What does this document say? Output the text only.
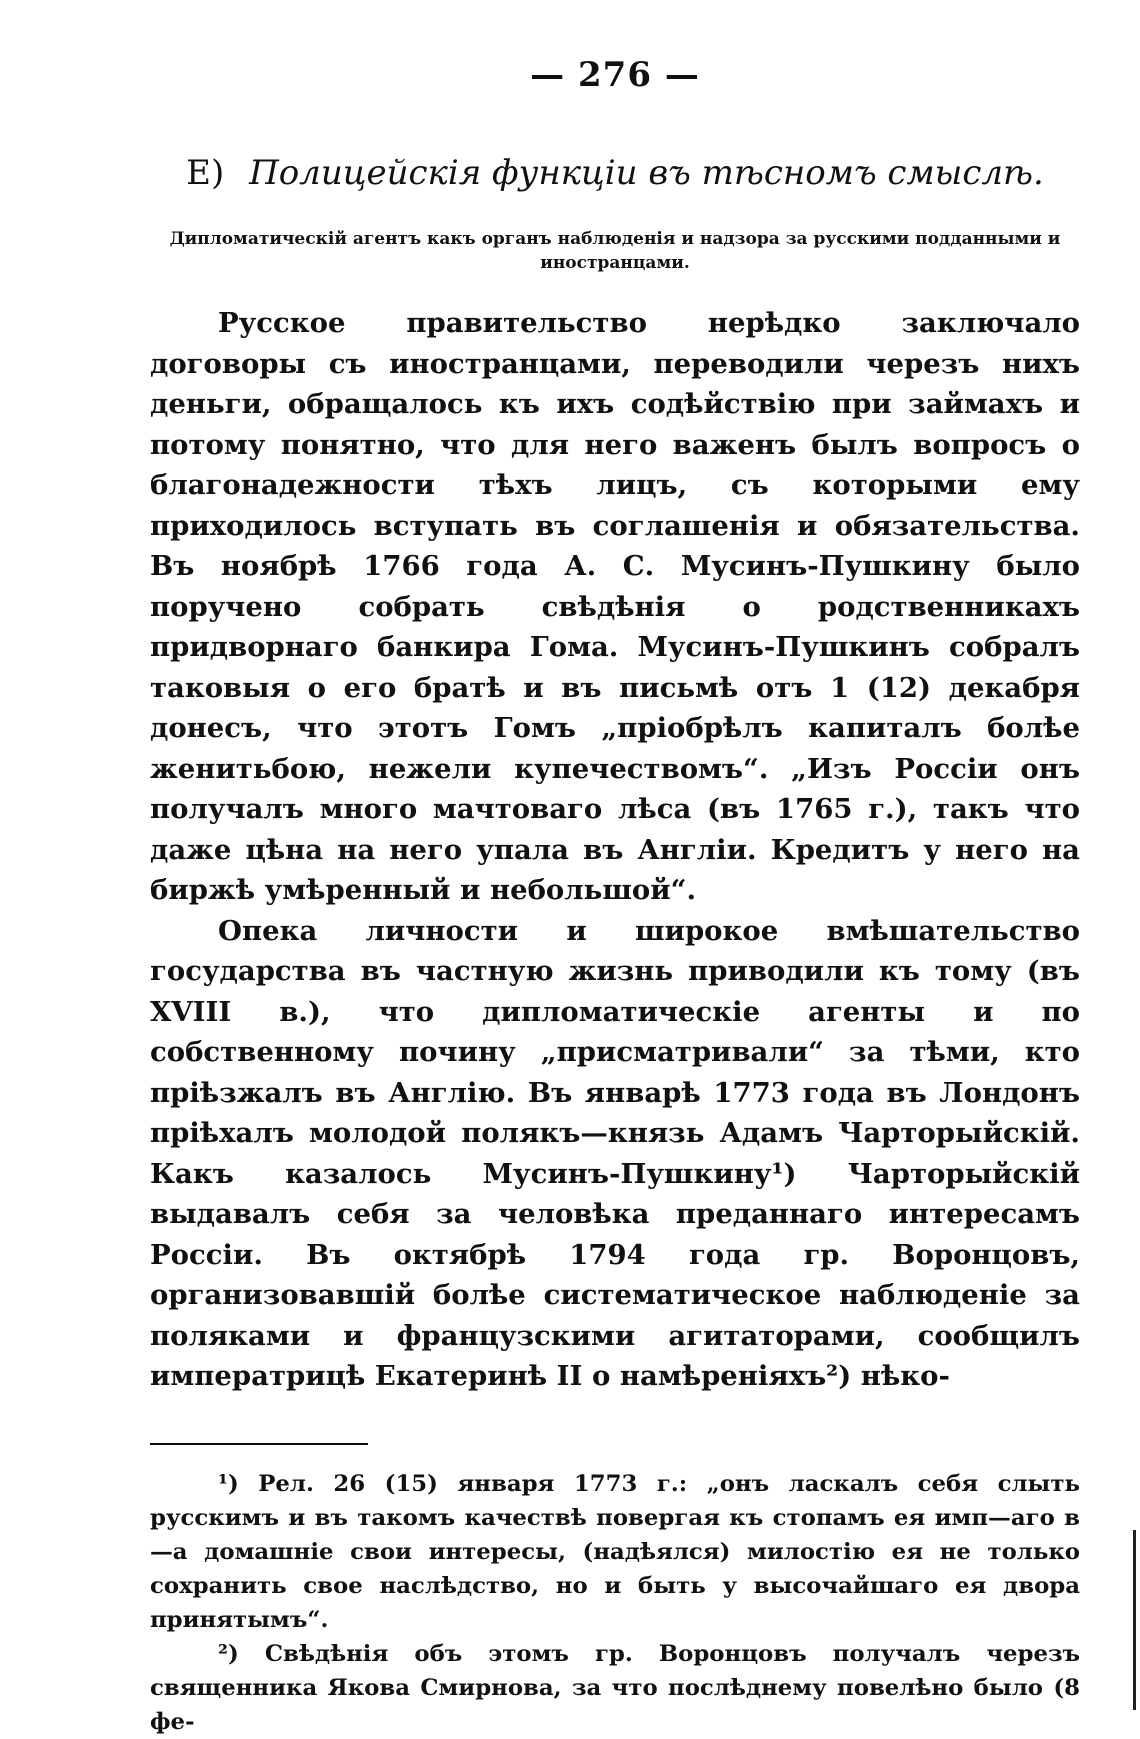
— 276 —
E) Полицейскія функціи въ тѣсномъ смыслѣ.
Дипломатическій агентъ какъ органъ наблюденія и надзора за русскими подданными и иностранцами.

Русское правительство нерѣдко заключало договоры съ иностранцами, переводили черезъ нихъ деньги, обращалось къ ихъ содѣйствію при займахъ и потому понятно, что для него важенъ былъ вопросъ о благонадежности тѣхъ лицъ, съ которыми ему приходилось вступать въ соглашенія и обязательства. Въ ноябрѣ 1766 года А. С. Мусинъ-Пушкину было поручено собрать свѣдѣнія о родственникахъ придворнаго банкира Гома. Мусинъ-Пушкинъ собралъ таковыя о его братѣ и въ письмѣ отъ 1 (12) декабря донесъ, что этотъ Гомъ „пріобрѣлъ капиталъ болѣе женитьбою, нежели купечествомъ“. „Изъ Россіи онъ получалъ много мачтоваго лѣса (въ 1765 г.), такъ что даже цѣна на него упала въ Англіи. Кредитъ у него на биржѣ умѣренный и небольшой“.

Опека личности и широкое вмѣшательство государства въ частную жизнь приводили къ тому (въ XVIII в.), что дипломатическіе агенты и по собственному почину „присматривали“ за тѣми, кто пріѣзжалъ въ Англію. Въ январѣ 1773 года въ Лондонъ пріѣхалъ молодой полякъ—князь Адамъ Чарторыйскій. Какъ казалось Мусинъ-Пушкину¹) Чарторыйскій выдавалъ себя за человѣка преданнаго интересамъ Россіи. Въ октябрѣ 1794 года гр. Воронцовъ, организовавшій болѣе систематическое наблюденіе за поляками и французскими агитаторами, сообщилъ императрицѣ Екатеринѣ II о намѣреніяхъ²) нѣко-

¹) Рел. 26 (15) января 1773 г.: „онъ ласкалъ себя слыть русскимъ и въ такомъ качествѣ повергая къ стопамъ ея имп—аго в—а домашніе свои интересы, (надѣялся) милостію ея не только сохранить свое наслѣдство, но и быть у высочайшаго ея двора принятымъ“.

²) Свѣдѣнія объ этомъ гр. Воронцовъ получалъ черезъ священника Якова Смирнова, за что послѣднему повелѣно было (8 фе-
